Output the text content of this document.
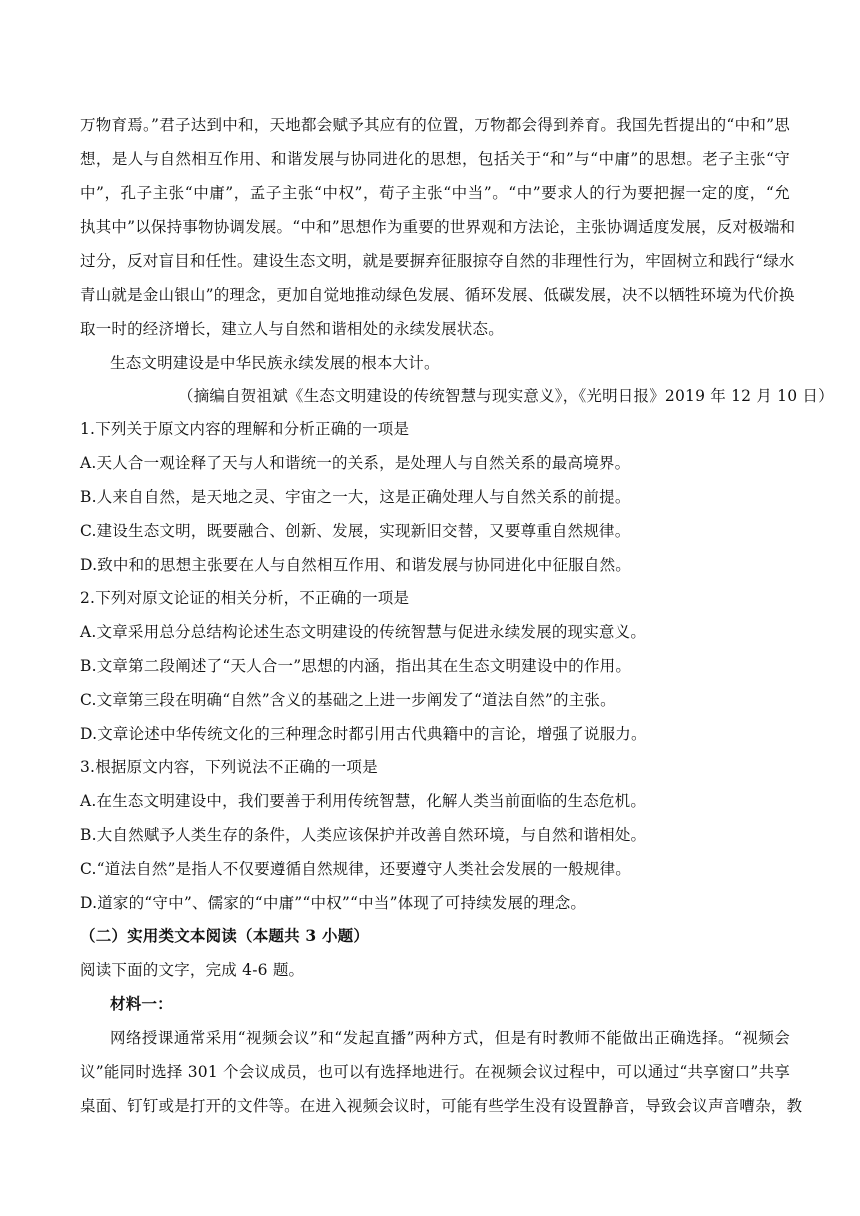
万物育焉。”君子达到中和，天地都会赋予其应有的位置，万物都会得到养育。我国先哲提出的“中和”思
想，是人与自然相互作用、和谐发展与协同进化的思想，包括关于“和”与“中庸”的思想。老子主张“守
中”，孔子主张“中庸”，孟子主张“中权”，荀子主张“中当”。“中”要求人的行为要把握一定的度，“允
执其中”以保持事物协调发展。“中和”思想作为重要的世界观和方法论，主张协调适度发展，反对极端和
过分，反对盲目和任性。建设生态文明，就是要摒弃征服掠夺自然的非理性行为，牢固树立和践行“绿水
青山就是金山银山”的理念，更加自觉地推动绿色发展、循环发展、低碳发展，决不以牺牲环境为代价换
取一时的经济增长，建立人与自然和谐相处的永续发展状态。
生态文明建设是中华民族永续发展的根本大计。
（摘编自贺祖斌《生态文明建设的传统智慧与现实意义》，《光明日报》2019 年 12 月 10 日）
1.下列关于原文内容的理解和分析正确的一项是
A.天人合一观诠释了天与人和谐统一的关系，是处理人与自然关系的最高境界。
B.人来自自然，是天地之灵、宇宙之一大，这是正确处理人与自然关系的前提。
C.建设生态文明，既要融合、创新、发展，实现新旧交替，又要尊重自然规律。
D.致中和的思想主张要在人与自然相互作用、和谐发展与协同进化中征服自然。
2.下列对原文论证的相关分析，不正确的一项是
A.文章采用总分总结构论述生态文明建设的传统智慧与促进永续发展的现实意义。
B.文章第二段阐述了“天人合一”思想的内涵，指出其在生态文明建设中的作用。
C.文章第三段在明确“自然”含义的基础之上进一步阐发了“道法自然”的主张。
D.文章论述中华传统文化的三种理念时都引用古代典籍中的言论，增强了说服力。
3.根据原文内容，下列说法不正确的一项是
A.在生态文明建设中，我们要善于利用传统智慧，化解人类当前面临的生态危机。
B.大自然赋予人类生存的条件，人类应该保护并改善自然环境，与自然和谐相处。
C.“道法自然”是指人不仅要遵循自然规律，还要遵守人类社会发展的一般规律。
D.道家的“守中”、儒家的“中庸”“中权”“中当”体现了可持续发展的理念。
（二）实用类文本阅读（本题共 3 小题）
阅读下面的文字，完成 4-6 题。
材料一：
网络授课通常采用“视频会议”和“发起直播”两种方式，但是有时教师不能做出正确选择。“视频会
议”能同时选择 301 个会议成员，也可以有选择地进行。在视频会议过程中，可以通过“共享窗口”共享
桌面、钉钉或是打开的文件等。在进入视频会议时，可能有些学生没有设置静音，导致会议声音嘈杂，教
